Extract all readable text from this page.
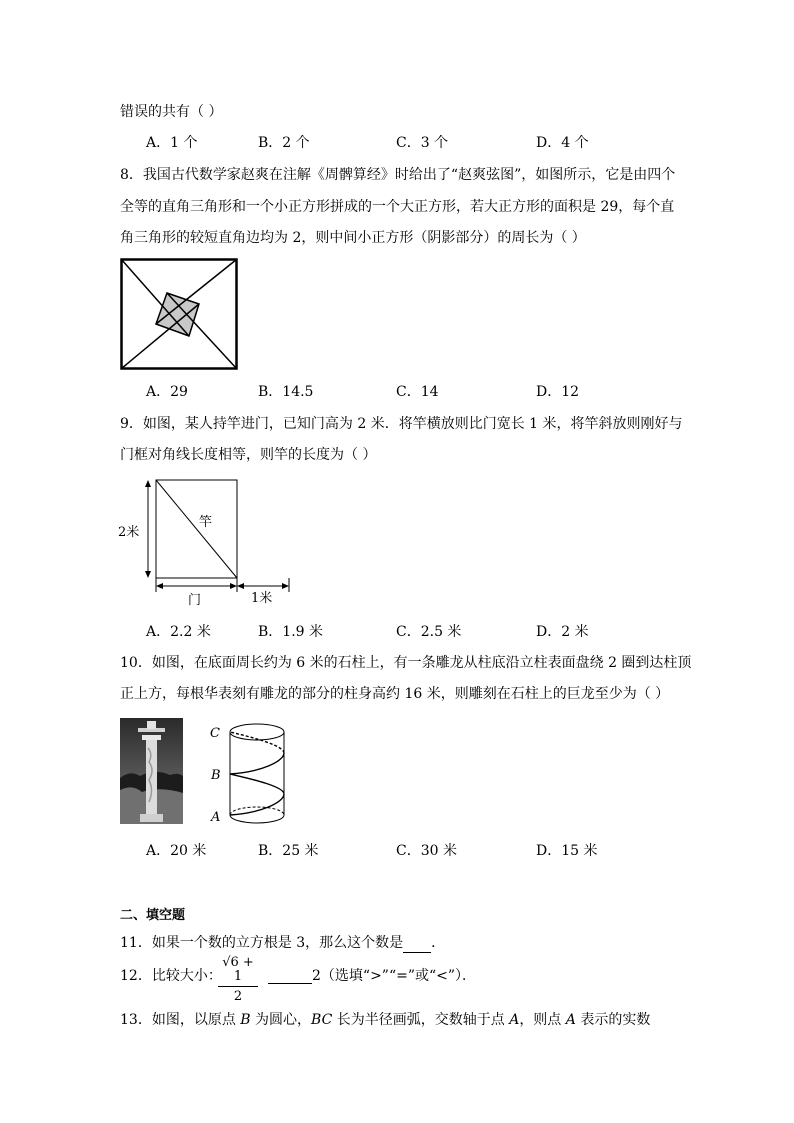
错误的共有（ ）
A．1 个	B．2 个	C．3 个	D．4 个
8．我国古代数学家赵爽在注解《周髀算经》时给出了“赵爽弦图”，如图所示，它是由四个
全等的直角三角形和一个小正方形拼成的一个大正方形，若大正方形的面积是 29，每个直
角三角形的较短直角边均为 2，则中间小正方形（阴影部分）的周长为（ ）
A．29	B．14.5	C．14	D．12
9．如图，某人持竿进门，已知门高为 2 米．将竿横放则比门宽长 1 米，将竿斜放则刚好与
门框对角线长度相等，则竿的长度为（ ）
2米
竿
门	1米
A．2.2 米	B．1.9 米	C．2.5 米	D．2 米
10．如图，在底面周长约为 6 米的石柱上，有一条雕龙从柱底沿立柱表面盘绕 2 圈到达柱顶
正上方，每根华表刻有雕龙的部分的柱身高约 16 米，则雕刻在石柱上的巨龙至少为（ ）
C
B
A
A．20 米	B．25 米	C．30 米	D．15 米
二、填空题
11．如果一个数的立方根是 3，那么这个数是 ．
12．比较大小：
$\frac{√6 + 1}{2}$	2（选填“>”“=”或“<”）．
13．如图，以原点 B 为圆心，BC 长为半径画弧，交数轴于点 A，则点 A 表示的实数
